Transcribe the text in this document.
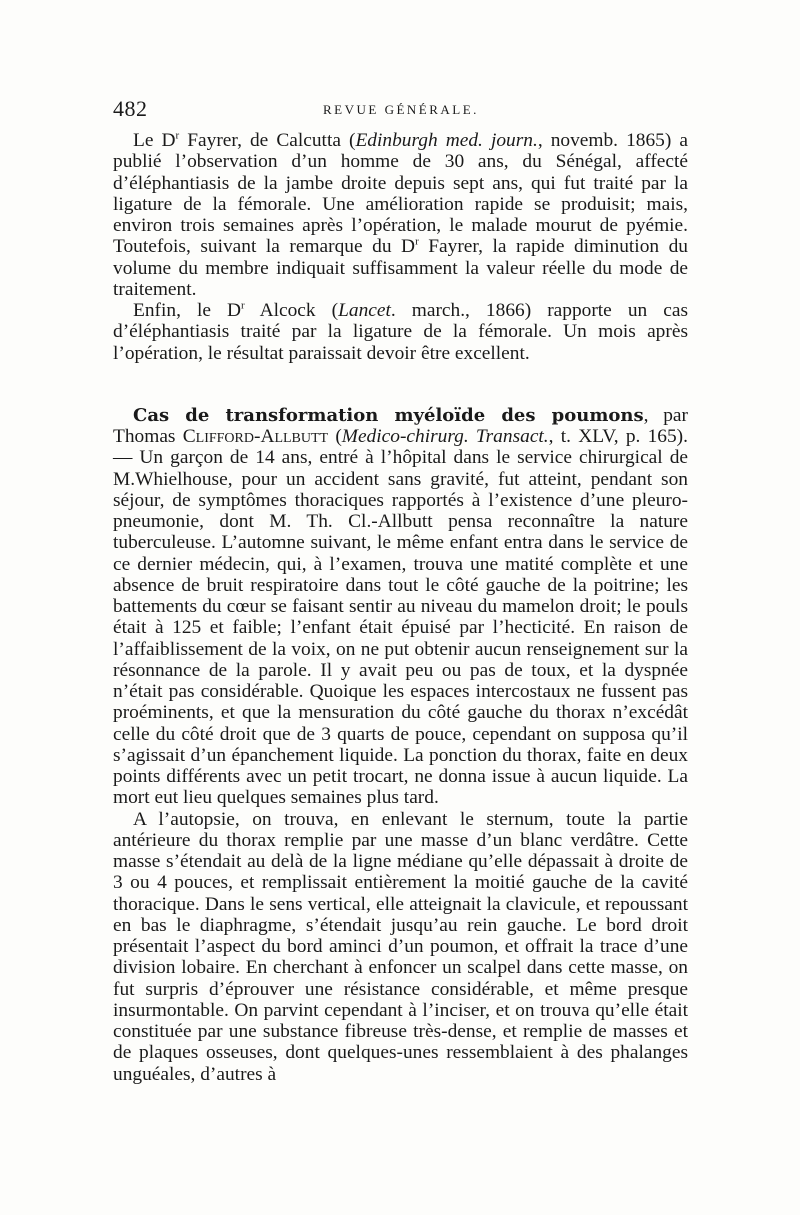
482	REVUE GÉNÉRALE.

Le $D^r$ Fayrer, de Calcutta (Edinburgh med. journ., novemb. 1865) a publié l’observation d’un homme de 30 ans, du Sénégal, affecté d’éléphantiasis de la jambe droite depuis sept ans, qui fut traité par la ligature de la fémorale. Une amélioration rapide se produisit; mais, environ trois semaines après l’opération, le malade mourut de pyémie. Toutefois, suivant la remarque du $D^r$ Fayrer, la rapide diminution du volume du membre indiquait suffisamment la valeur réelle du mode de traitement.

Enfin, le $D^r$ Alcock (Lancet. march., 1866) rapporte un cas d’éléphantiasis traité par la ligature de la fémorale. Un mois après l’opération, le résultat paraissait devoir être excellent.

Cas de transformation myéloïde des poumons, par Thomas Clifford-Allbutt (Medico-chirurg. Transact., t. XLV, p. 165). — Un garçon de 14 ans, entré à l’hôpital dans le service chirurgical de M.Whielhouse, pour un accident sans gravité, fut atteint, pendant son séjour, de symptômes thoraciques rapportés à l’existence d’une pleuro-pneumonie, dont M. Th. Cl.-Allbutt pensa reconnaître la nature tuberculeuse. L’automne suivant, le même enfant entra dans le service de ce dernier médecin, qui, à l’examen, trouva une matité complète et une absence de bruit respiratoire dans tout le côté gauche de la poitrine; les battements du cœur se faisant sentir au niveau du mamelon droit; le pouls était à 125 et faible; l’enfant était épuisé par l’hecticité. En raison de l’affaiblissement de la voix, on ne put obtenir aucun renseignement sur la résonnance de la parole. Il y avait peu ou pas de toux, et la dyspnée n’était pas considérable. Quoique les espaces intercostaux ne fussent pas proéminents, et que la mensuration du côté gauche du thorax n’excédât celle du côté droit que de 3 quarts de pouce, cependant on supposa qu’il s’agissait d’un épanchement liquide. La ponction du thorax, faite en deux points différents avec un petit trocart, ne donna issue à aucun liquide. La mort eut lieu quelques semaines plus tard.

A l’autopsie, on trouva, en enlevant le sternum, toute la partie antérieure du thorax remplie par une masse d’un blanc verdâtre. Cette masse s’étendait au delà de la ligne médiane qu’elle dépassait à droite de 3 ou 4 pouces, et remplissait entièrement la moitié gauche de la cavité thoracique. Dans le sens vertical, elle atteignait la clavicule, et repoussant en bas le diaphragme, s’étendait jusqu’au rein gauche. Le bord droit présentait l’aspect du bord aminci d’un poumon, et offrait la trace d’une division lobaire. En cherchant à enfoncer un scalpel dans cette masse, on fut surpris d’éprouver une résistance considérable, et même presque insurmontable. On parvint cependant à l’inciser, et on trouva qu’elle était constituée par une substance fibreuse très-dense, et remplie de masses et de plaques osseuses, dont quelques-unes ressemblaient à des phalanges unguéales, d’autres à
